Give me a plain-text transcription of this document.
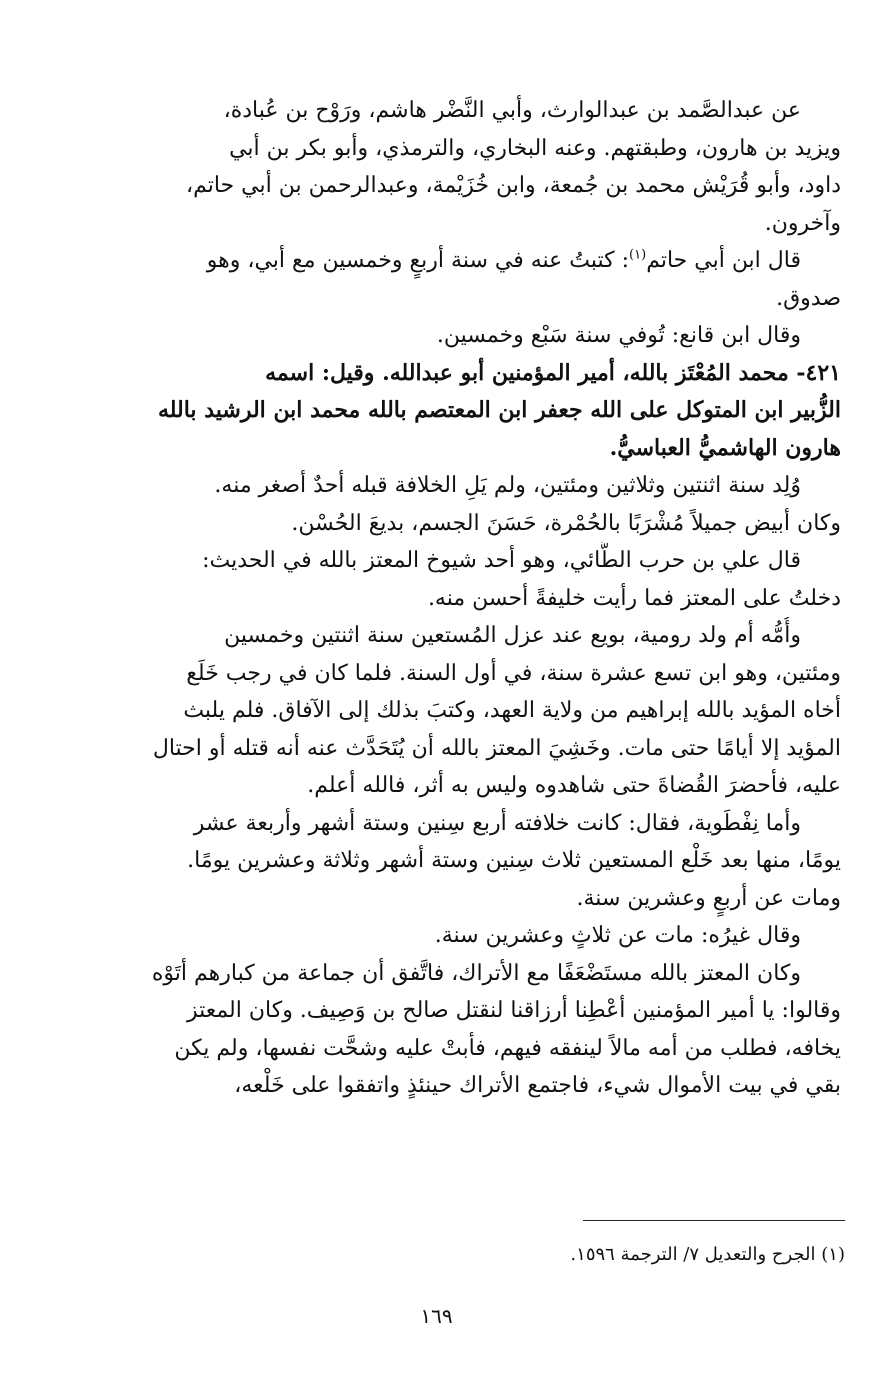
عن عبدالصَّمد بن عبدالوارث، وأبي النَّضْر هاشم، ورَوْح بن عُبادة،
ويزيد بن هارون، وطبقتهم. وعنه البخاري، والترمذي، وأبو بكر بن أبي
داود، وأبو قُرَيْش محمد بن جُمعة، وابن خُزَيْمة، وعبدالرحمن بن أبي حاتم،
وآخرون.
قال ابن أبي حاتم$^{(١)}$: كتبتُ عنه في سنة أربعٍ وخمسين مع أبي، وهو
صدوق.
وقال ابن قانع: تُوفي سنة سَبْع وخمسين.
٤٢١- محمد المُعْتَز بالله، أمير المؤمنين أبو عبدالله. وقيل: اسمه
الزُّبير ابن المتوكل على الله جعفر ابن المعتصم بالله محمد ابن الرشيد بالله
هارون الهاشميُّ العباسيُّ.
وُلِد سنة اثنتين وثلاثين ومئتين، ولم يَلِ الخلافة قبله أحدٌ أصغر منه.
وكان أبيض جميلاً مُشْرَبًا بالحُمْرة، حَسَنَ الجسم، بديعَ الحُسْن.
قال علي بن حرب الطَّائي، وهو أحد شيوخ المعتز بالله في الحديث:
دخلتُ على المعتز فما رأيت خليفةً أحسن منه.
وأُمُّه أم ولد رومية، بويع عند عزل المُستعين سنة اثنتين وخمسين
ومئتين، وهو ابن تسع عشرة سنة، في أول السنة. فلما كان في رجب خَلَع
أخاه المؤيد بالله إبراهيم من ولاية العهد، وكتبَ بذلك إلى الآفاق. فلم يلبث
المؤيد إلا أيامًا حتى مات. وخَشِيَ المعتز بالله أن يُتَحَدَّث عنه أنه قتله أو احتال
عليه، فأحضرَ القُضاةَ حتى شاهدوه وليس به أثر، فالله أعلم.
وأما نِفْطَوية، فقال: كانت خلافته أربع سِنين وستة أشهر وأربعة عشر
يومًا، منها بعد خَلْع المستعين ثلاث سِنين وستة أشهر وثلاثة وعشرين يومًا.
ومات عن أربعٍ وعشرين سنة.
وقال غيرُه: مات عن ثلاثٍ وعشرين سنة.
وكان المعتز بالله مستَضْعَفًا مع الأتراك، فاتَّفق أن جماعة من كبارهم أتَوْه
وقالوا: يا أمير المؤمنين أعْطِنا أرزاقنا لنقتل صالح بن وَصِيف. وكان المعتز
يخافه، فطلب من أمه مالاً لينفقه فيهم، فأبتْ عليه وشحَّت نفسها، ولم يكن
بقي في بيت الأموال شيء، فاجتمع الأتراك حينئذٍ واتفقوا على خَلْعه،
(١) الجرح والتعديل ٧/ الترجمة ١٥٩٦.
١٦٩
